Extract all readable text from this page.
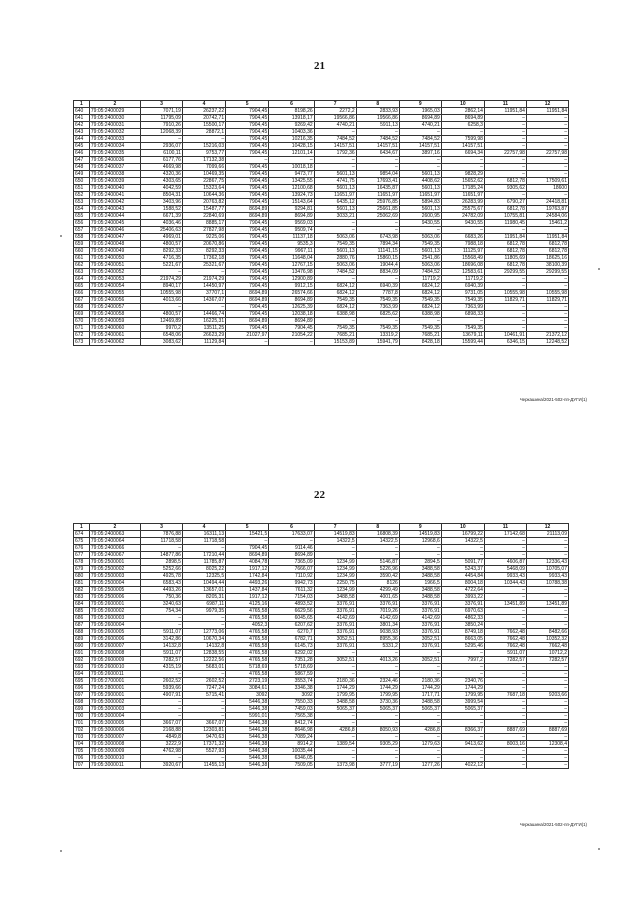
21
1	2	3	4	5	6	7	8	9	10	11	12
640	79:05:2400029	7071,19	26237,22	7904,45	8198,26	2272,2	2833,93	1965,03	2862,14	11951,84	11951,84
641	79:05:2400030	11795,09	20742,71	7904,45	13918,17	19566,86	19566,86	8694,89	8694,89	–	–
642	79:05:2400031	7910,26	15500,17	7904,45	9269,42	4740,21	5911,13	4740,21	6258,3	–	–
643	79:05:2400032	12068,39	28872,1	7904,45	10403,36	–	–	–	–	–	–
644	79:05:2400033	–	–	7904,45	10216,35	7484,52	7484,52	7484,52	7599,98	–	–
645	79:05:2400034	2936,07	15216,03	7904,45	10428,15	14157,51	14157,51	14157,51	14157,51	–	–
646	79:05:2400035	6100,11	9753,77	7904,45	12101,14	1792,36	6434,67	3897,16	6694,34	22757,98	22757,98
647	79:05:2400036	6177,76	17132,38	–	–	–	–	–	–	–	–
648	79:05:2400037	4669,98	7099,66	7904,45	10018,18	–	–	–	–	–	–
649	79:05:2400038	4320,36	10469,35	7904,45	9473,77	5601,13	9854,04	5601,13	9828,29	–	–
650	79:05:2400039	4303,65	22867,75	7904,45	13425,55	4741,75	17693,41	4408,62	15652,62	6812,78	17509,61
651	79:05:2400040	4042,59	15323,64	7904,45	12100,68	5601,13	16435,87	5601,13	17185,24	9305,62	18600
652	79:05:2400041	8504,31	10644,36	7904,45	13924,73	11651,97	11651,97	11651,97	11651,97	–	–
653	79:05:2400042	3403,96	20763,82	7904,45	15143,64	6435,12	25976,85	5894,83	26283,99	6790,27	24418,81
654	79:05:2400043	1588,52	15487,77	8694,89	9294,81	5601,13	25661,85	5601,13	25575,67	6812,78	19763,87
655	79:05:2400044	6671,39	22840,69	8694,89	8694,89	3033,21	25062,69	2600,95	24782,09	10755,81	24584,06
656	79:05:2400045	4036,46	8885,17	7904,45	9569,03	–	–	9430,55	9430,55	11980,45	15461,2
657	79:05:2400046	25406,63	27827,98	7904,45	9509,74	–	–	–	–	–	–
658	79:05:2400047	4969,01	9225,06	7904,45	11137,18	5063,06	6743,98	5063,06	6683,26	11951,84	11951,84
659	79:05:2400048	4800,57	20670,86	7904,45	9535,3	7549,35	7894,34	7549,35	7988,18	6812,78	6812,78
660	79:05:2400049	8292,33	8292,33	7904,45	9967,11	5601,13	11141,15	5601,13	11125,97	6812,78	6812,78
661	79:05:2400050	4716,35	17362,18	7904,45	11648,04	2880,76	15860,15	2541,86	15568,49	11805,69	18625,16
662	79:05:2400051	5221,67	25321,67	7904,45	12767,15	5063,06	19044,4	5063,06	18696,08	6812,78	38100,39
663	79:05:2400052	–	–	7904,45	13476,98	7484,52	8834,09	7484,52	12583,61	29299,55	29299,55
664	79:05:2400053	21974,29	21974,29	7904,45	12900,89	–	–	11719,2	11719,2	–	–
665	79:05:2400054	8940,17	14450,97	7904,45	9912,15	6824,12	6940,39	6824,12	6940,39	–	–
666	79:05:2400055	10555,98	37707,1	8694,89	26574,66	6824,12	7787,8	6824,12	9731,05	10555,98	10555,98
667	79:05:2400056	4013,66	14367,07	8694,89	8694,89	7549,35	7549,35	7549,35	7549,35	11829,71	11829,71
668	79:05:2400057	–	–	7904,45	12625,39	6824,12	7363,99	6824,12	7363,99	–	–
669	79:05:2400058	4800,57	14466,74	7904,45	12038,18	6388,98	6825,62	6388,98	6898,33	–	–
670	79:05:2400059	12469,89	16225,31	8694,89	8694,89	–	–	–	–	–	–
671	79:05:2400060	9970,2	13511,25	7904,45	7904,45	7549,35	7549,35	7549,35	7549,35	–	–
672	79:05:2400061	6548,06	26623,29	21027,97	21054,22	7685,21	13319,2	7685,21	13679,11	10461,91	21372,12
673	79:05:2400062	3083,62	11129,84	–	–	15153,89	15941,79	8428,18	15599,44	6346,15	12248,52
Черкашина/2021-502-пп-ДУГИ(1)
22
1	2	3	4	5	6	7	8	9	10	11	12
674	79:05:2400063	7876,88	16311,13	15421,5	17633,07	14519,83	16808,39	14519,83	16799,22	17142,68	21113,09
675	79:05:2400064	11718,58	11718,58	–	–	14322,5	14322,5	12968,6	14322,5	–	–
676	79:05:2400066	–	–	7904,45	9114,46	–	–	–	–	–	–
677	79:05:2400067	14877,86	17210,44	8694,89	8694,89	–	–	–	–	–	–
678	79:05:2500001	2898,5	11785,87	4084,78	7365,09	1234,99	5146,87	2894,5	5091,77	4606,87	12336,43
679	79:05:2500002	5252,66	8025,22	1917,12	7666,07	1234,99	5226,96	3488,58	5243,37	5468,09	10705,07
680	79:05:2500003	4925,78	12325,5	1742,84	7110,92	1234,99	3590,42	3488,58	4454,84	9933,43	9933,43
681	79:05:2500004	6583,43	10494,44	4493,26	9942,73	2250,75	8126	1966,5	8004,18	10344,43	10788,38
682	79:05:2500005	4493,26	13657,01	1437,84	7611,32	1234,99	4299,49	3488,58	4722,64	–	–
683	79:05:2500006	750,36	8205,31	1917,12	7154,03	3488,58	4001,65	3488,58	3993,22	–	–
684	79:05:2600001	3240,63	6987,11	4125,16	4893,52	3376,91	3376,91	3376,91	3376,91	13451,89	13451,89
685	79:05:2600002	754,34	9979,35	4765,58	6629,56	3376,91	7019,26	3376,91	6970,63	–	–
686	79:05:2600003	–	–	4765,58	6045,65	4142,69	4142,69	4142,69	4862,33	–	–
687	79:05:2600004	–	–	4052,3	6207,62	3376,91	3801,34	3376,91	3850,24	–	–
688	79:05:2600005	5911,07	12773,06	4765,58	6270,7	3376,91	9038,93	3376,91	8749,18	7662,48	8482,66
689	79:05:2600006	3142,86	10670,34	4765,58	6782,71	3052,51	8955,36	3052,51	8663,05	7662,48	10352,32
690	79:05:2600007	14132,8	14132,8	4765,58	6145,73	3376,91	5331,2	3376,91	5295,46	7662,48	7662,48
691	79:05:2600008	5911,07	12838,55	4765,58	6292,02	–	–	–	–	5911,07	10712,2
692	79:05:2600009	7282,57	12222,56	4765,58	7351,28	3052,51	4013,26	3052,51	7997,2	7282,57	7282,57
693	79:05:2600010	4315,19	5683,01	5718,69	5718,69	–	–	–	–	–	–
694	79:05:2600011	–	–	4765,58	5867,59	–	–	–	–	–	–
695	79:05:2700001	2602,52	2602,52	2723,19	3553,74	2180,36	2324,46	2180,36	2340,76	–	–
696	79:05:2800001	5939,66	7247,24	3084,61	3346,38	1744,29	1744,29	1744,29	1744,29	–	–
697	79:05:2900001	4907,91	5715,41	3092	3092	1799,95	1799,95	1717,71	1799,95	7687,18	9203,66
698	79:05:3000002	–	–	5446,38	7550,33	3488,58	3730,36	3488,58	3999,54	–	–
699	79:05:3000003	–	–	5446,38	7459,03	5065,37	5065,37	5065,37	5065,37	–	–
700	79:05:3000004	–	–	5991,01	7565,38	–	–	–	–	–	–
701	79:05:3000005	3667,07	3667,07	5446,38	8412,74	–	–	–	–	–	–
702	79:05:3000006	2168,88	12303,81	5446,38	8646,98	4286,8	8050,93	4286,8	8366,37	8887,69	8887,69
703	79:05:3000007	4849,8	9470,63	5446,38	7089,24	–	–	–	–	–	–
704	79:05:3000008	3222,9	17371,32	5446,38	8914,2	1389,54	9305,29	1279,63	9413,62	8003,16	12308,4
705	79:05:3000009	4762,98	5527,93	5446,38	10035,44	–	–	–	–	–	–
706	79:05:3000010	–	–	5446,38	6346,05	–	–	–	–	–	–
707	79:05:3000011	3920,67	11455,13	5446,38	7509,05	1373,98	3777,19	1277,26	4022,12	–	–
Черкашина/2021-502-пп-ДУГИ(1)
